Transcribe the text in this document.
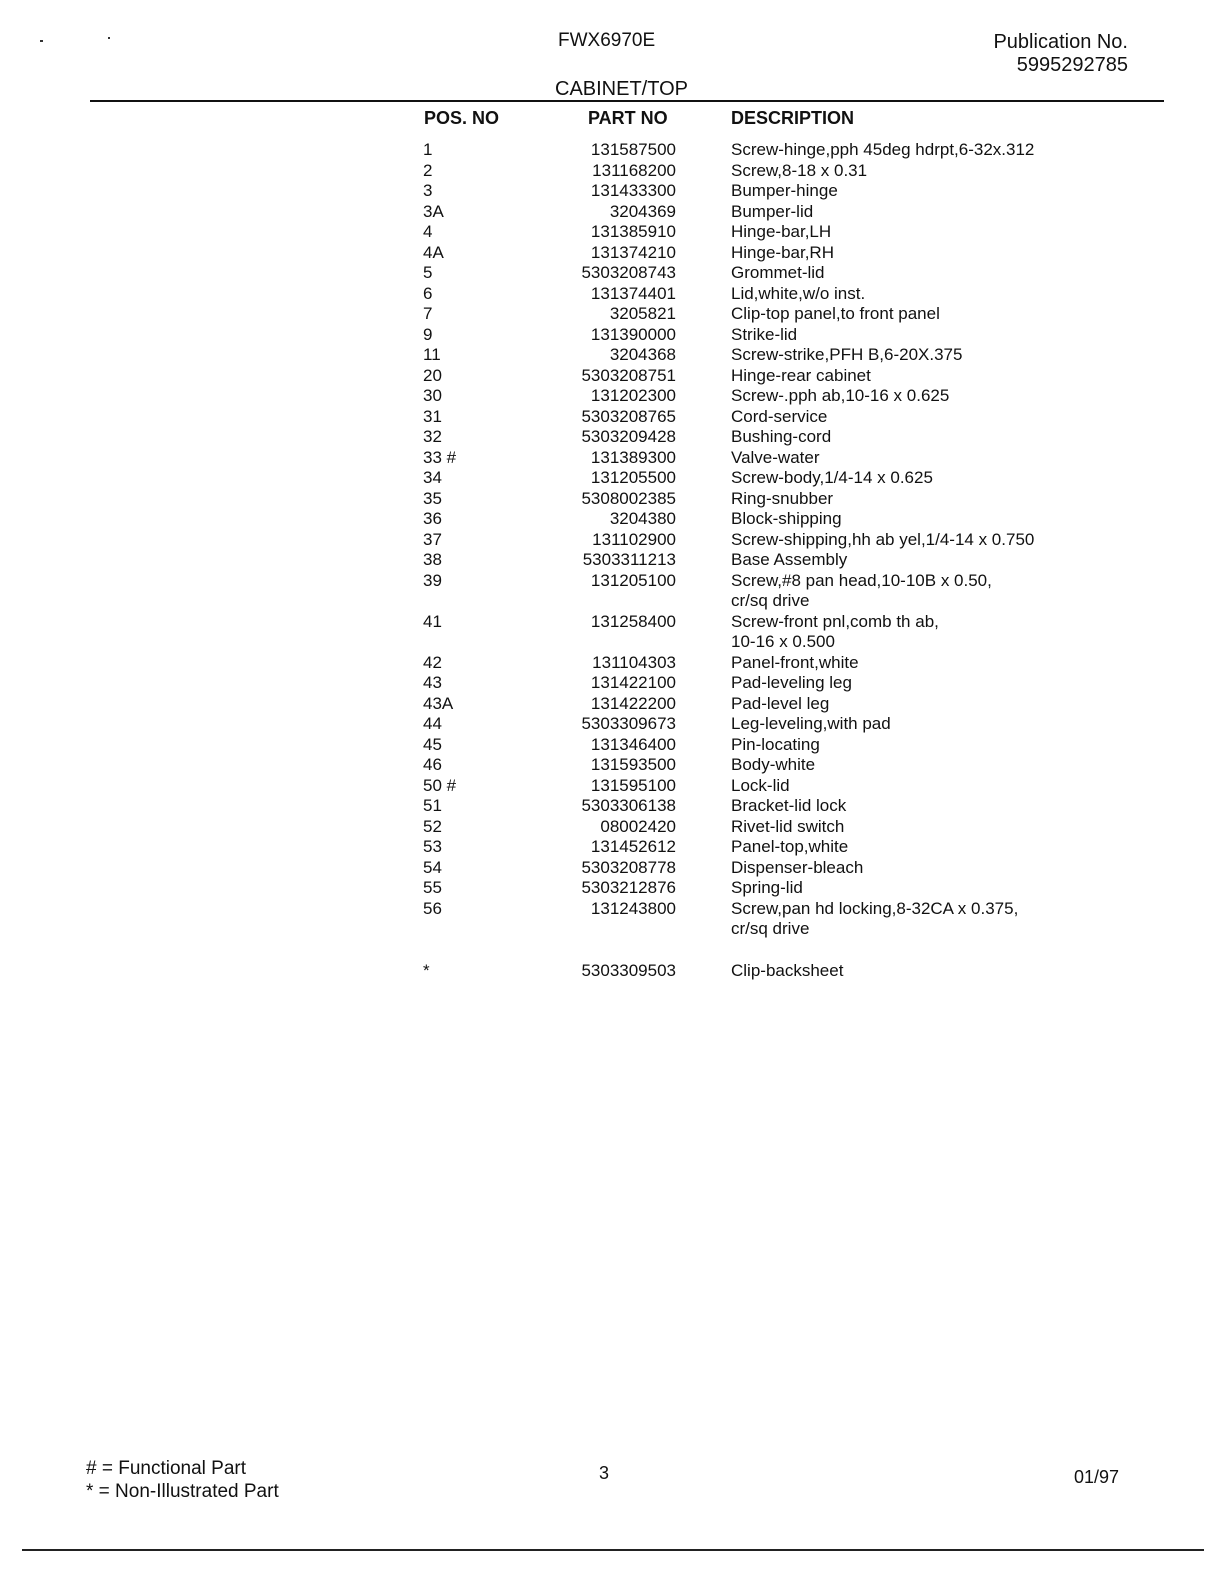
FWX6970E	Publication No.
5995292785
CABINET/TOP
POS. NO	PART NO	DESCRIPTION
1	131587500	Screw-hinge,pph 45deg hdrpt,6-32x.312
2	131168200	Screw,8-18 x 0.31
3	131433300	Bumper-hinge
3A	3204369	Bumper-lid
4	131385910	Hinge-bar,LH
4A	131374210	Hinge-bar,RH
5	5303208743	Grommet-lid
6	131374401	Lid,white,w/o inst.
7	3205821	Clip-top panel,to front panel
9	131390000	Strike-lid
11	3204368	Screw-strike,PFH B,6-20X.375
20	5303208751	Hinge-rear cabinet
30	131202300	Screw-.pph ab,10-16 x 0.625
31	5303208765	Cord-service
32	5303209428	Bushing-cord
33 #	131389300	Valve-water
34	131205500	Screw-body,1/4-14 x 0.625
35	5308002385	Ring-snubber
36	3204380	Block-shipping
37	131102900	Screw-shipping,hh ab yel,1/4-14 x 0.750
38	5303311213	Base Assembly
39	131205100	Screw,#8 pan head,10-10B x 0.50,
cr/sq drive
41	131258400	Screw-front pnl,comb th ab,
10-16 x 0.500
42	131104303	Panel-front,white
43	131422100	Pad-leveling leg
43A	131422200	Pad-level leg
44	5303309673	Leg-leveling,with pad
45	131346400	Pin-locating
46	131593500	Body-white
50 #	131595100	Lock-lid
51	5303306138	Bracket-lid lock
52	08002420	Rivet-lid switch
53	131452612	Panel-top,white
54	5303208778	Dispenser-bleach
55	5303212876	Spring-lid
56	131243800	Screw,pan hd locking,8-32CA x 0.375,
cr/sq drive
*	5303309503	Clip-backsheet
# = Functional Part
* = Non-Illustrated Part
3	01/97
